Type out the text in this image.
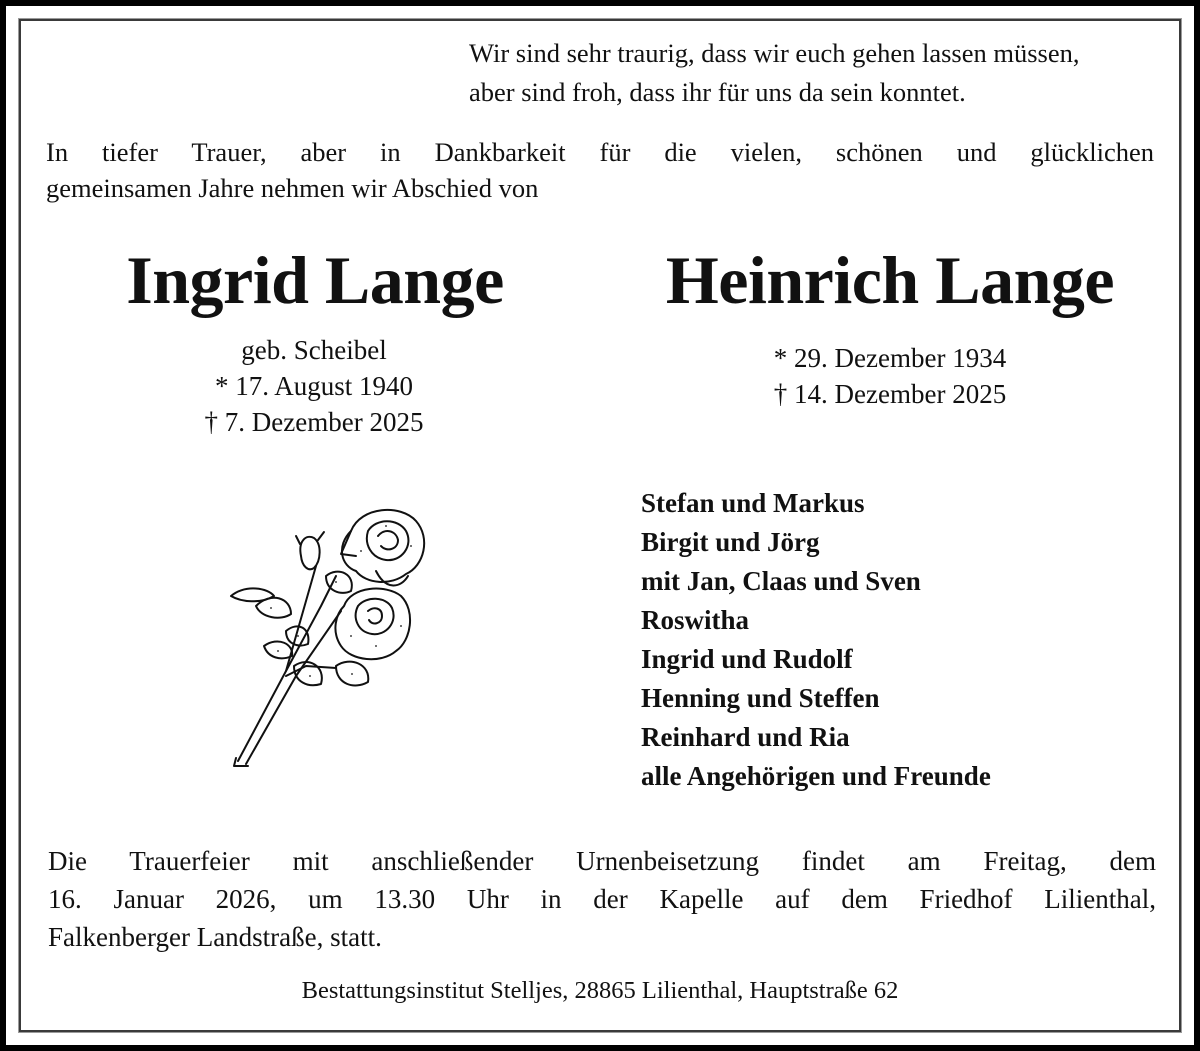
Wir sind sehr traurig, dass wir euch gehen lassen müssen,
aber sind froh, dass ihr für uns da sein konntet.
In tiefer Trauer, aber in Dankbarkeit für die vielen, schönen und glücklichen
gemeinsamen Jahre nehmen wir Abschied von
Ingrid Lange	Heinrich Lange
geb. Scheibel
* 17. August 1940
† 7. Dezember 2025
* 29. Dezember 1934
† 14. Dezember 2025
Stefan und Markus
Birgit und Jörg
mit Jan, Claas und Sven
Roswitha
Ingrid und Rudolf
Henning und Steffen
Reinhard und Ria
alle Angehörigen und Freunde
Die Trauerfeier mit anschließender Urnenbeisetzung findet am Freitag, dem
16. Januar 2026, um 13.30 Uhr in der Kapelle auf dem Friedhof Lilienthal,
Falkenberger Landstraße, statt.
Bestattungsinstitut Stelljes, 28865 Lilienthal, Hauptstraße 62
